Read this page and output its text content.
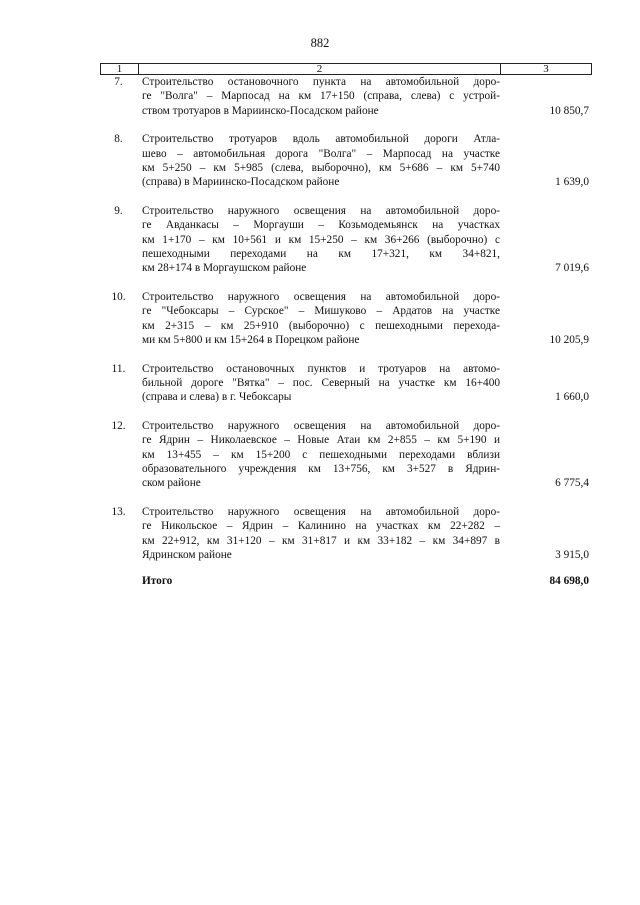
882
1	2	3
7.	Строительство остановочного пункта на автомобильной доро-
ге "Волга" – Марпосад на км 17+150 (справа, слева) с устрой-
ством тротуаров в Мариинско-Посадском районе	10 850,7
8.	Строительство тротуаров вдоль автомобильной дороги Атла-
шево – автомобильная дорога "Волга" – Марпосад на участке
км 5+250 – км 5+985 (слева, выборочно), км 5+686 – км 5+740
(справа) в Мариинско-Посадском районе	1 639,0
9.	Строительство наружного освещения на автомобильной доро-
ге Авданкасы – Моргауши – Козьмодемьянск на участках
км 1+170 – км 10+561 и км 15+250 – км 36+266 (выборочно) с
пешеходными переходами на км 17+321, км 34+821,
км 28+174 в Моргаушском районе	7 019,6
10.	Строительство наружного освещения на автомобильной доро-
ге "Чебоксары – Сурское" – Мишуково – Ардатов на участке
км 2+315 – км 25+910 (выборочно) с пешеходными перехода-
ми км 5+800 и км 15+264 в Порецком районе	10 205,9
11.	Строительство остановочных пунктов и тротуаров на автомо-
бильной дороге "Вятка" – пос. Северный на участке км 16+400
(справа и слева) в г. Чебоксары	1 660,0
12.	Строительство наружного освещения на автомобильной доро-
ге Ядрин – Николаевское – Новые Атаи км 2+855 – км 5+190 и
км 13+455 – км 15+200 с пешеходными переходами вблизи
образовательного учреждения км 13+756, км 3+527 в Ядрин-
ском районе	6 775,4
13.	Строительство наружного освещения на автомобильной доро-
ге Никольское – Ядрин – Калинино на участках км 22+282 –
км 22+912, км 31+120 – км 31+817 и км 33+182 – км 34+897 в
Ядринском районе	3 915,0
Итого	84 698,0
